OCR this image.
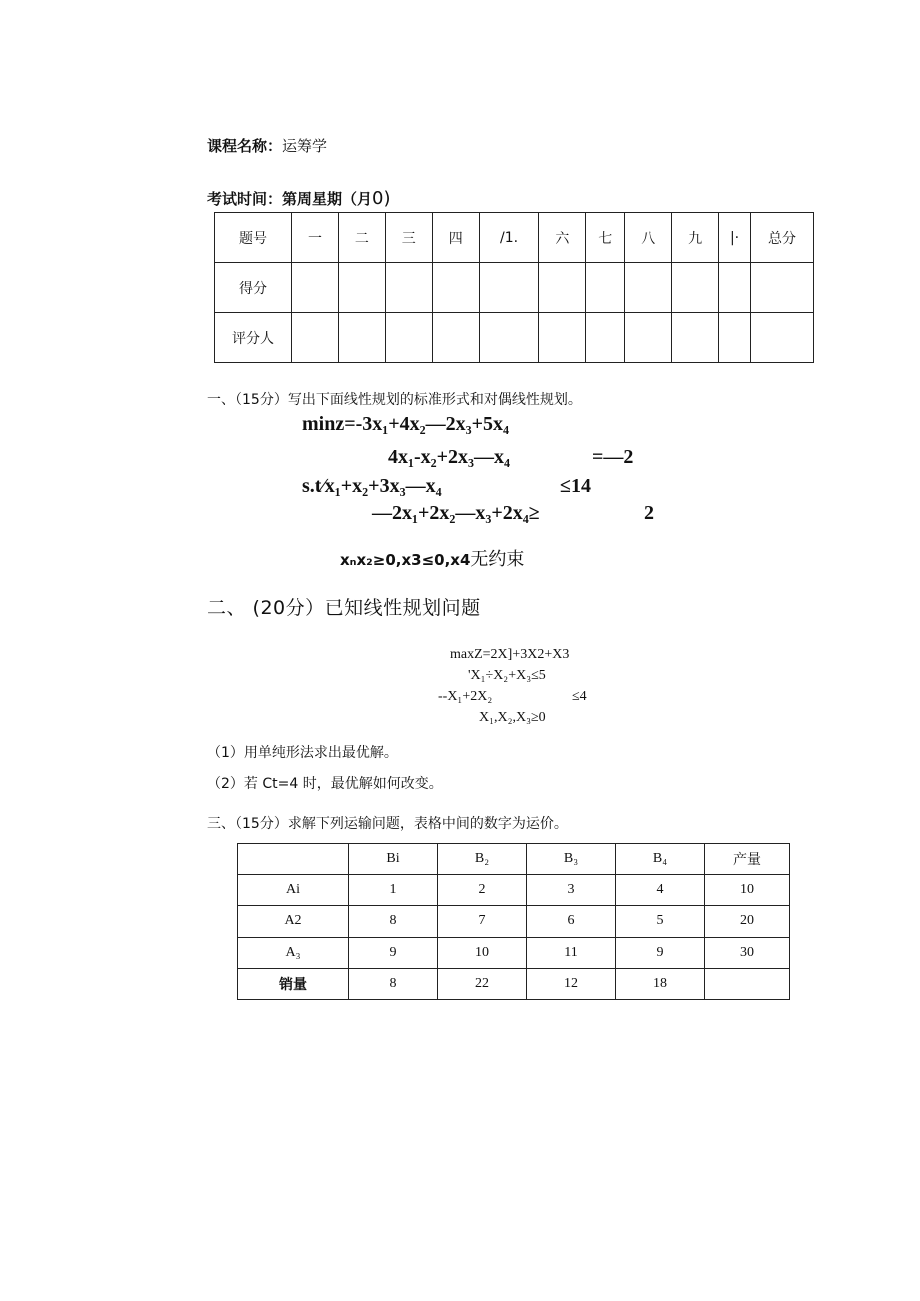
课程名称：运筹学
考试时间：第周星期（月0)
题号	一	二	三	四	/1.	六	七	八	九	|·	总分
得分											
评分人											
一、（15分）写出下面线性规划的标准形式和对偶线性规划。
minz=-3x₁+4x₂—2x₃+5x₄
4x₁-x₂+2x₃—x₄	=—2
s.t∕x₁+x₂+3x₃—x₄	≤14
—2x₁+2x₂—x₃+2x₄≥	2
xₙx₂≥0,x3≤0,x4无约束
二、 (20分）已知线性规划问题
maxZ=2X]+3X2+X3
'X₁÷X₂+X₃≤5
--X₁+2X₂	≤4
X₁,X₂,X₃≥0
（1）用单纯形法求出最优解。
（2）若 Ct=4 时，最优解如何改变。
三、（15分）求解下列运输问题，表格中间的数字为运价。
	Bi	B₂	B₃	B₄	产量
Ai	1	2	3	4	10
A2	8	7	6	5	20
A₃	9	10	11	9	30
销量	8	22	12	18	
